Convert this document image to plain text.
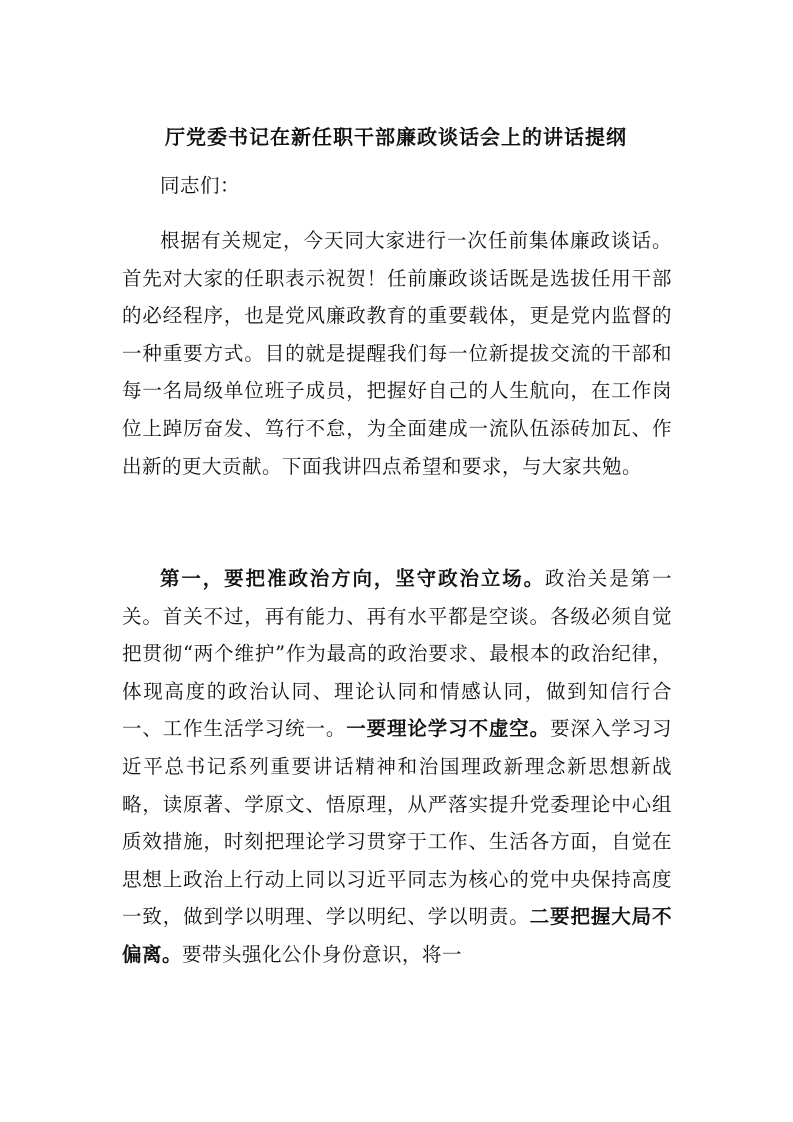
厅党委书记在新任职干部廉政谈话会上的讲话提纲

同志们：

根据有关规定，今天同大家进行一次任前集体廉政谈话。首先对大家的任职表示祝贺！任前廉政谈话既是选拔任用干部的必经程序，也是党风廉政教育的重要载体，更是党内监督的一种重要方式。目的就是提醒我们每一位新提拔交流的干部和每一名局级单位班子成员，把握好自己的人生航向，在工作岗位上踔厉奋发、笃行不怠，为全面建成一流队伍添砖加瓦、作出新的更大贡献。下面我讲四点希望和要求，与大家共勉。

第一，要把准政治方向，坚守政治立场。政治关是第一关。首关不过，再有能力、再有水平都是空谈。各级必须自觉把贯彻“两个维护”作为最高的政治要求、最根本的政治纪律，体现高度的政治认同、理论认同和情感认同，做到知信行合一、工作生活学习统一。一要理论学习不虚空。要深入学习习近平总书记系列重要讲话精神和治国理政新理念新思想新战略，读原著、学原文、悟原理，从严落实提升党委理论中心组质效措施，时刻把理论学习贯穿于工作、生活各方面，自觉在思想上政治上行动上同以习近平同志为核心的党中央保持高度一致，做到学以明理、学以明纪、学以明责。二要把握大局不偏离。要带头强化公仆身份意识，将一
